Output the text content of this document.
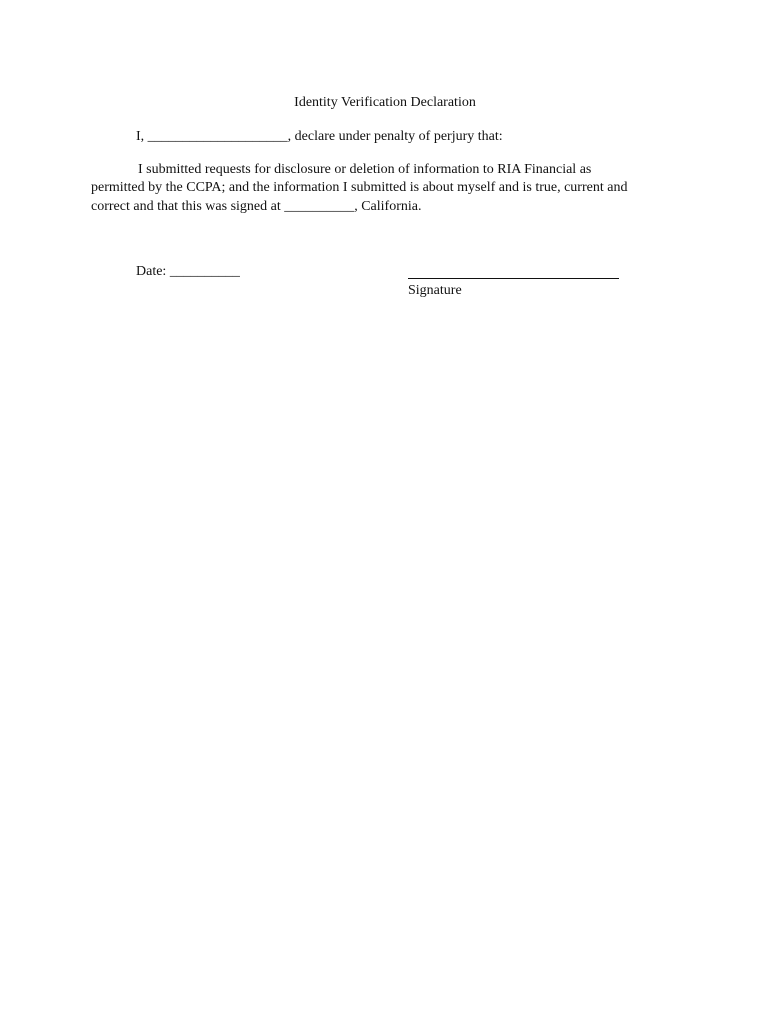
Identity Verification Declaration
I, ____________________, declare under penalty of perjury that:
I submitted requests for disclosure or deletion of information to RIA Financial as
permitted by the CCPA; and the information I submitted is about myself and is true, current and
correct and that this was signed at __________, California.
Date: __________
Signature
